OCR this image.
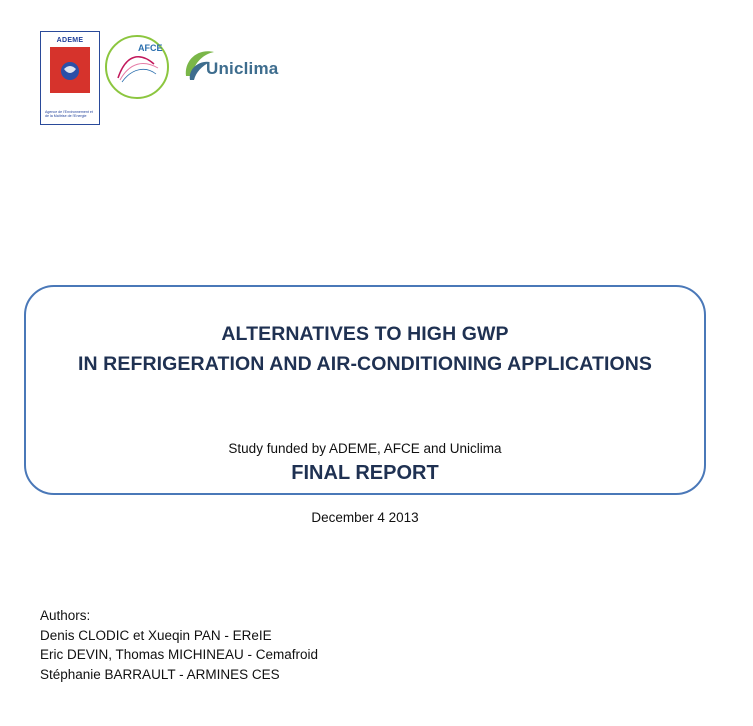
ADEME
Agence de l'Environnement et de la Maîtrise de l'Energie
AFCE
Uniclima
ALTERNATIVES TO HIGH GWP
IN REFRIGERATION AND AIR-CONDITIONING APPLICATIONS
Study funded by ADEME, AFCE and Uniclima
FINAL REPORT
December 4 2013
Authors:
Denis CLODIC et Xueqin PAN - EReIE
Eric DEVIN, Thomas MICHINEAU - Cemafroid
Stéphanie BARRAULT - ARMINES CES
